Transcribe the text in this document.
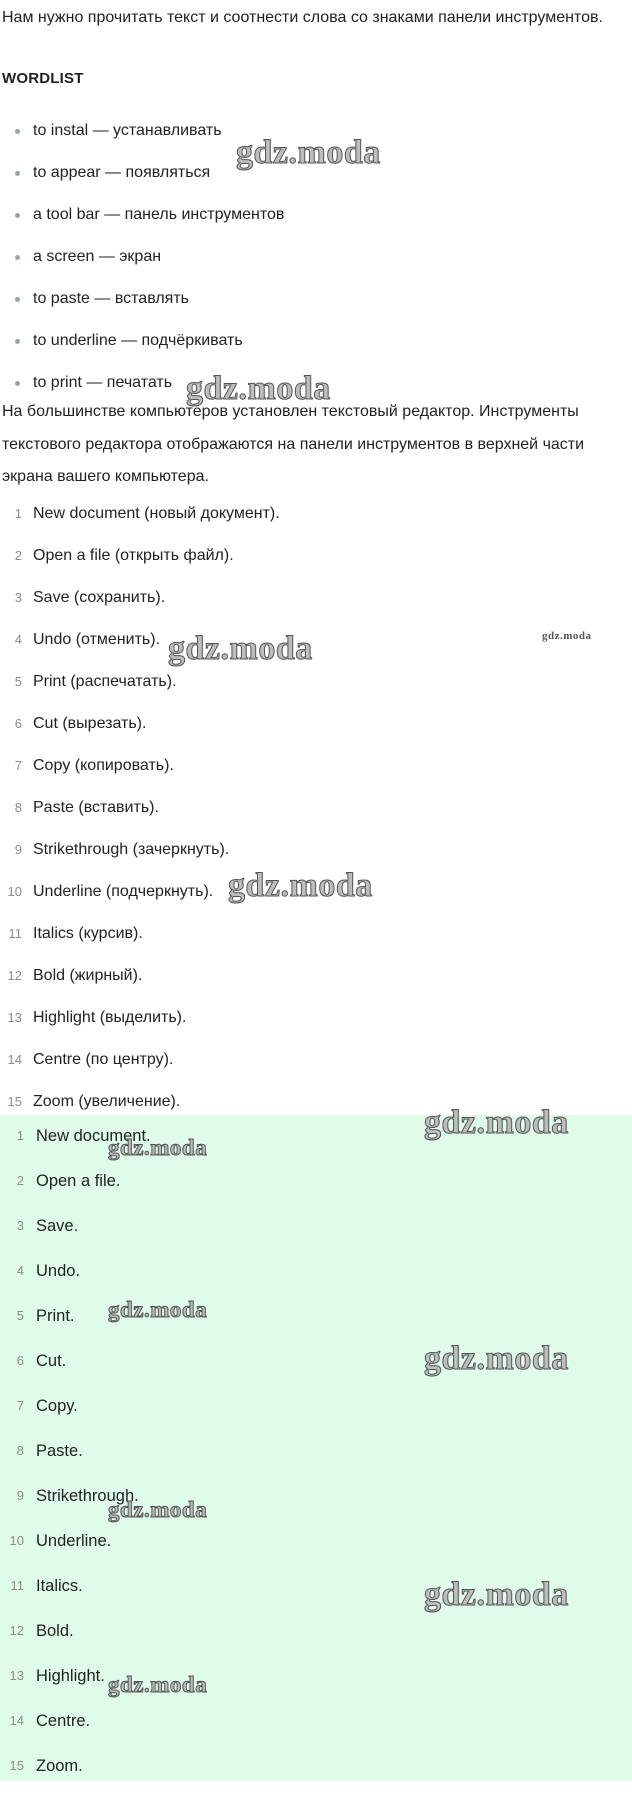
Нам нужно прочитать текст и соотнести слова со знаками панели инструментов.

WORDLIST
to instal — устанавливать
to appear — появляться
a tool bar — панель инструментов
a screen — экран
to paste — вставлять
to underline — подчёркивать
to print — печатать

На большинстве компьютеров установлен текстовый редактор. Инструменты текстового редактора отображаются на панели инструментов в верхней части экрана вашего компьютера.

1 New document (новый документ).
2 Open a file (открыть файл).
3 Save (сохранить).
4 Undo (отменить).
5 Print (распечатать).
6 Cut (вырезать).
7 Copy (копировать).
8 Paste (вставить).
9 Strikethrough (зачеркнуть).
10 Underline (подчеркнуть).
11 Italics (курсив).
12 Bold (жирный).
13 Highlight (выделить).
14 Centre (по центру).
15 Zoom (увеличение).
1 New document.
2 Open a file.
3 Save.
4 Undo.
5 Print.
6 Cut.
7 Copy.
8 Paste.
9 Strikethrough.
10 Underline.
11 Italics.
12 Bold.
13 Highlight.
14 Centre.
15 Zoom.
gdz.moda
gdz.moda
gdz.moda	gdz.moda
gdz.moda
gdz.moda
gdz.moda
gdz.moda
gdz.moda
gdz.moda
gdz.moda
gdz.moda
